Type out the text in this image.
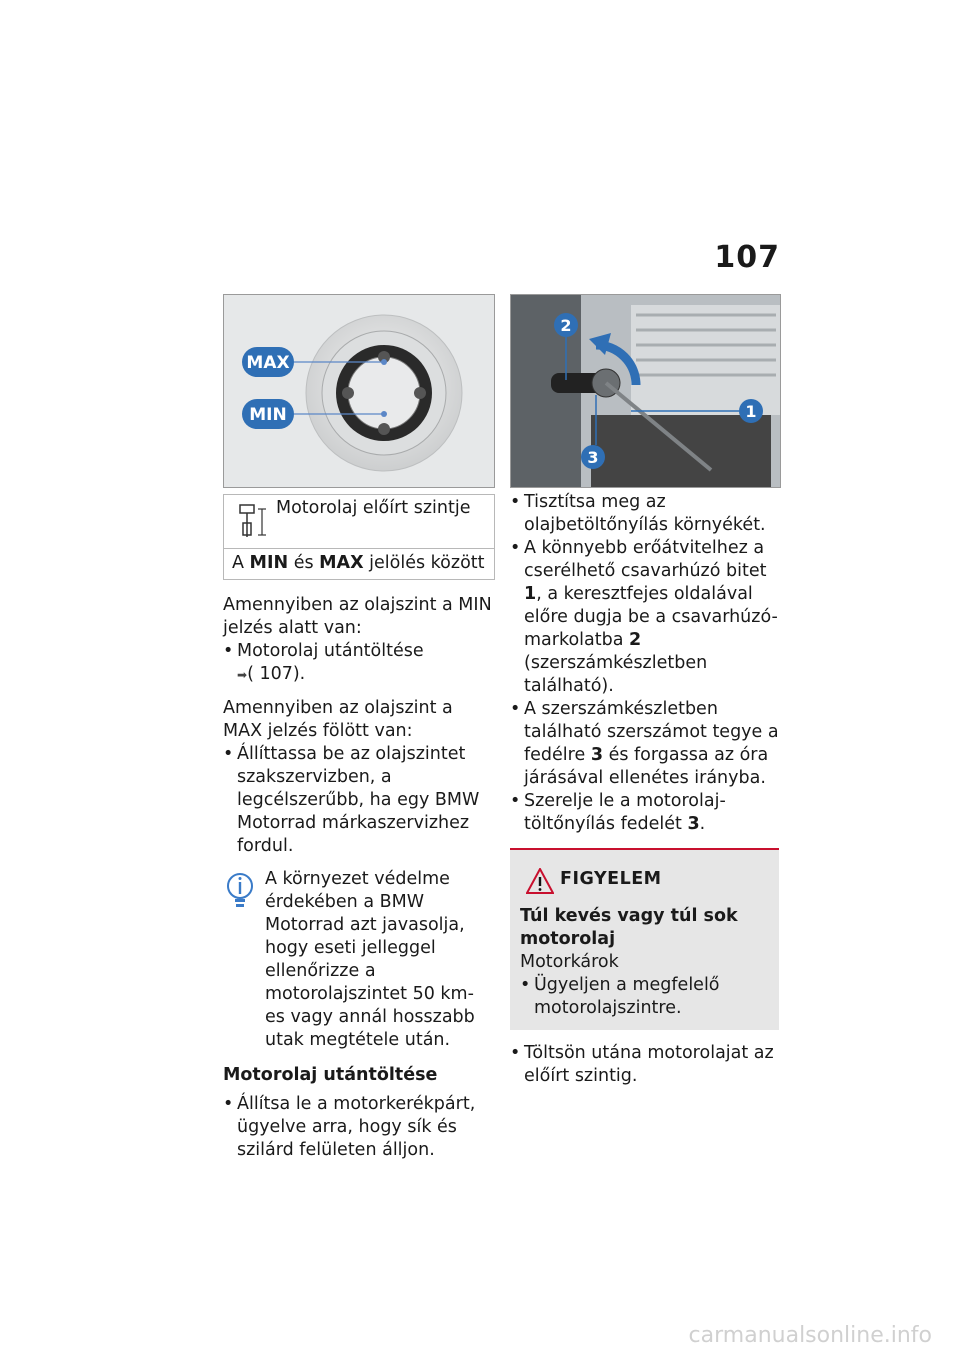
107
MAX
MIN
2
1
3
Motorolaj előírt szintje
A MIN és MAX jelölés között

Amennyiben az olajszint a MIN jelzés alatt van:

• Motorolaj utántöltése

➡( 107).

Amennyiben az olajszint a MAX jelzés fölött van:

• Állíttassa be az olajszintet szakszervizben, a legcélszerűbb, ha egy BMW Motorrad márkaszervizhez fordul.
A környezet védelme érdekében a BMW Motorrad azt javasolja, hogy eseti jelleggel ellenőrizze a motorolajszintet 50 km-es vagy annál hosszabb utak megtétele után.
Motorolaj utántöltése
• Állítsa le a motorkerékpárt, ügyelve arra, hogy sík és szilárd felületen álljon.
• Tisztítsa meg az olajbetöltőnyílás környékét.
• A könnyebb erőátvitelhez a cserélhető csavarhúzó bitet 1, a keresztfejes oldalával előre dugja be a csavarhúzó-markolatba 2 (szerszámkészletben található).
• A szerszámkészletben található szerszámot tegye a fedélre 3 és forgassa az óra járásával ellenétes irányba.
• Szerelje le a motorolaj-töltőnyílás fedelét 3.
FIGYELEM
Túl kevés vagy túl sok motorolaj
Motorkárok
• Ügyeljen a megfelelő motorolajszintre.
• Töltsön utána motorolajat az előírt szintig.
carmanualsonline.info
